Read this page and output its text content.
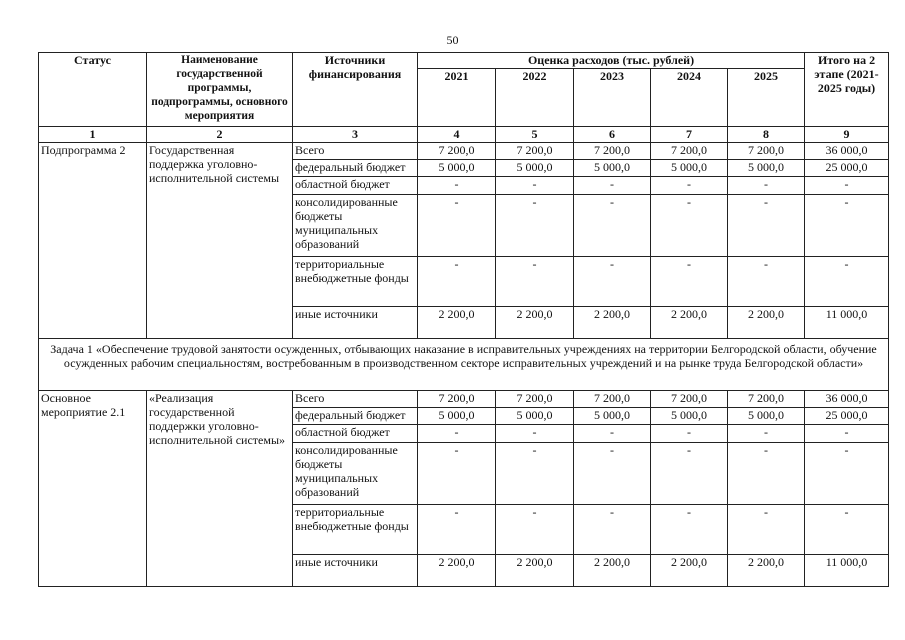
50
Статус	Наименование государственной программы, подпрограммы, основного мероприятия	Источники финансирования	Оценка расходов (тыс. рублей)					Итого на 2 этапе (2021-2025 годы)
			2021	2022	2023	2024	2025	
1	2	3	4	5	6	7	8	9
Подпрограмма 2	Государственная поддержка уголовно-исполнительной системы	Всего	7 200,0	7 200,0	7 200,0	7 200,0	7 200,0	36 000,0
		федеральный бюджет	5 000,0	5 000,0	5 000,0	5 000,0	5 000,0	25 000,0
		областной бюджет	-	-	-	-	-	-
		консолидированные бюджеты муниципальных образований	-	-	-	-	-	-
		территориальные внебюджетные фонды	-	-	-	-	-	-
		иные источники	2 200,0	2 200,0	2 200,0	2 200,0	2 200,0	11 000,0
Задача 1 «Обеспечение трудовой занятости осужденных, отбывающих наказание в исправительных учреждениях на территории Белгородской области, обучение осужденных рабочим специальностям, востребованным в производственном секторе исправительных учреждений и на рынке труда Белгородской области»								
Основное мероприятие 2.1	«Реализация государственной поддержки уголовно-исполнительной системы»	Всего	7 200,0	7 200,0	7 200,0	7 200,0	7 200,0	36 000,0
		федеральный бюджет	5 000,0	5 000,0	5 000,0	5 000,0	5 000,0	25 000,0
		областной бюджет	-	-	-	-	-	-
		консолидированные бюджеты муниципальных образований	-	-	-	-	-	-
		территориальные внебюджетные фонды	-	-	-	-	-	-
		иные источники	2 200,0	2 200,0	2 200,0	2 200,0	2 200,0	11 000,0
